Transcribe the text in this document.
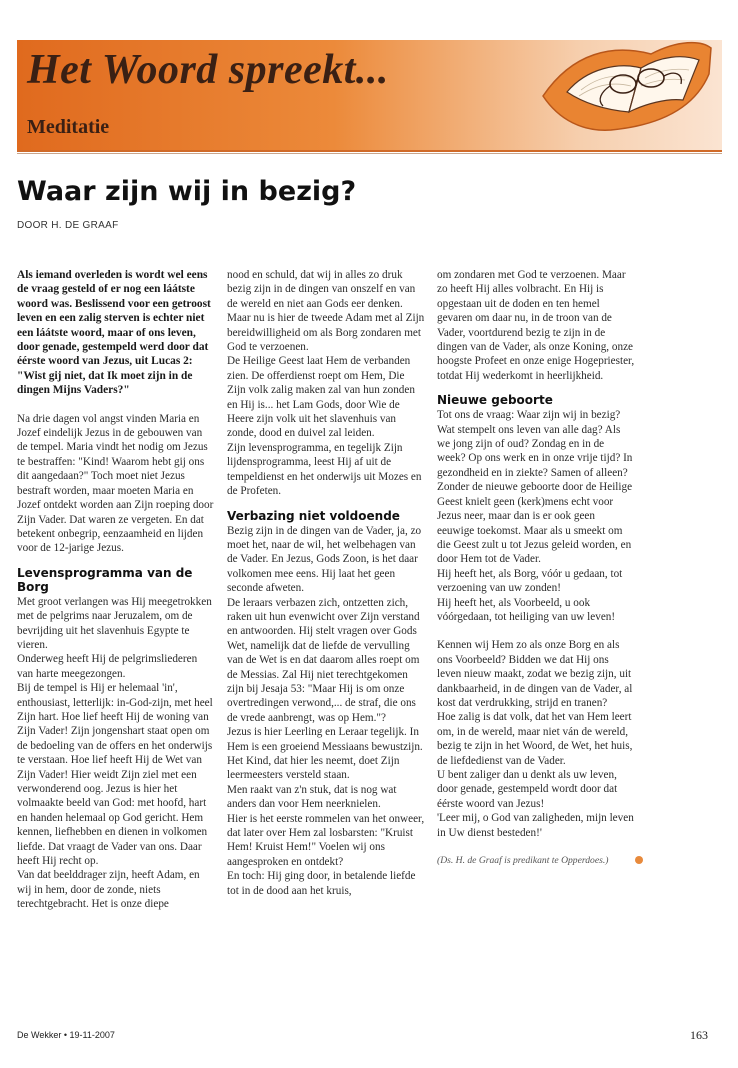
Het Woord spreekt...
Meditatie
Waar zijn wij in bezig?
DOOR H. DE GRAAF

Als iemand overleden is wordt wel eens de vraag gesteld of er nog een láátste woord was. Beslissend voor een getroost leven en een zalig sterven is echter niet een láátste woord, maar of ons leven, door genade, gestempeld werd door dat éérste woord van Jezus, uit Lucas 2: "Wist gij niet, dat Ik moet zijn in de dingen Mijns Vaders?"

Na drie dagen vol angst vinden Maria en Jozef eindelijk Jezus in de gebouwen van de tempel. Maria vindt het nodig om Jezus te bestraffen: "Kind! Waarom hebt gij ons dit aangedaan?" Toch moet niet Jezus bestraft worden, maar moeten Maria en Jozef ontdekt worden aan Zijn roeping door Zijn Vader. Dat waren ze vergeten. En dat betekent onbegrip, eenzaamheid en lijden voor de 12-jarige Jezus.

Levensprogramma van de Borg

Met groot verlangen was Hij meegetrokken met de pelgrims naar Jeruzalem, om de bevrijding uit het slavenhuis Egypte te vieren.

Onderweg heeft Hij de pelgrimsliederen van harte meegezongen.

Bij de tempel is Hij er helemaal 'in', enthousiast, letterlijk: in-God-zijn, met heel Zijn hart. Hoe lief heeft Hij de woning van Zijn Vader! Zijn jongenshart staat open om de bedoeling van de offers en het onderwijs te verstaan. Hoe lief heeft Hij de Wet van Zijn Vader! Hier weidt Zijn ziel met een verwonderend oog. Jezus is hier het volmaakte beeld van God: met hoofd, hart en handen helemaal op God gericht. Hem kennen, liefhebben en dienen in volkomen liefde. Dat vraagt de Vader van ons. Daar heeft Hij recht op.

Van dat beelddrager zijn, heeft Adam, en wij in hem, door de zonde, niets terechtgebracht. Het is onze diepe

nood en schuld, dat wij in alles zo druk bezig zijn in de dingen van onszelf en van de wereld en niet aan Gods eer denken.

Maar nu is hier de tweede Adam met al Zijn bereidwilligheid om als Borg zondaren met God te verzoenen.

De Heilige Geest laat Hem de verbanden zien. De offerdienst roept om Hem, Die Zijn volk zalig maken zal van hun zonden en Hij is... het Lam Gods, door Wie de Heere zijn volk uit het slavenhuis van zonde, dood en duivel zal leiden.

Zijn levensprogramma, en tegelijk Zijn lijdensprogramma, leest Hij af uit de tempeldienst en het onderwijs uit Mozes en de Profeten.

Verbazing niet voldoende

Bezig zijn in de dingen van de Vader, ja, zo moet het, naar de wil, het welbehagen van de Vader. En Jezus, Gods Zoon, is het daar volkomen mee eens. Hij laat het geen seconde afweten.

De leraars verbazen zich, ontzetten zich, raken uit hun evenwicht over Zijn verstand en antwoorden. Hij stelt vragen over Gods Wet, namelijk dat de liefde de vervulling van de Wet is en dat daarom alles roept om de Messias. Zal Hij niet terechtgekomen zijn bij Jesaja 53: "Maar Hij is om onze overtredingen verwond,... de straf, die ons de vrede aanbrengt, was op Hem."?

Jezus is hier Leerling en Leraar tegelijk. In Hem is een groeiend Messiaans bewustzijn.

Het Kind, dat hier les neemt, doet Zijn leermeesters versteld staan.

Men raakt van z'n stuk, dat is nog wat anders dan voor Hem neerknielen.

Hier is het eerste rommelen van het onweer, dat later over Hem zal losbarsten: "Kruist Hem! Kruist Hem!" Voelen wij ons aangesproken en ontdekt?

En toch: Hij ging door, in betalende liefde tot in de dood aan het kruis,

om zondaren met God te verzoenen. Maar zo heeft Hij alles volbracht. En Hij is opgestaan uit de doden en ten hemel gevaren om daar nu, in de troon van de Vader, voortdurend bezig te zijn in de dingen van de Vader, als onze Koning, onze hoogste Profeet en onze enige Hogepriester, totdat Hij wederkomt in heerlijkheid.

Nieuwe geboorte

Tot ons de vraag: Waar zijn wij in bezig? Wat stempelt ons leven van alle dag? Als we jong zijn of oud? Zondag en in de week? Op ons werk en in onze vrije tijd? In gezondheid en in ziekte? Samen of alleen?

Zonder de nieuwe geboorte door de Heilige Geest knielt geen (kerk)mens echt voor Jezus neer, maar dan is er ook geen eeuwige toekomst. Maar als u smeekt om die Geest zult u tot Jezus geleid worden, en door Hem tot de Vader.

Hij heeft het, als Borg, vóór u gedaan, tot verzoening van uw zonden!

Hij heeft het, als Voorbeeld, u ook vóórgedaan, tot heiliging van uw leven!

Kennen wij Hem zo als onze Borg en als ons Voorbeeld? Bidden we dat Hij ons leven nieuw maakt, zodat we bezig zijn, uit dankbaarheid, in de dingen van de Vader, al kost dat verdrukking, strijd en tranen?

Hoe zalig is dat volk, dat het van Hem leert om, in de wereld, maar niet ván de wereld, bezig te zijn in het Woord, de Wet, het huis, de liefdedienst van de Vader.

U bent zaliger dan u denkt als uw leven, door genade, gestempeld wordt door dat éérste woord van Jezus!

'Leer mij, o God van zaligheden, mijn leven in Uw dienst besteden!'

(Ds. H. de Graaf is predikant te Opperdoes.)

De Wekker • 19-11-2007	163
